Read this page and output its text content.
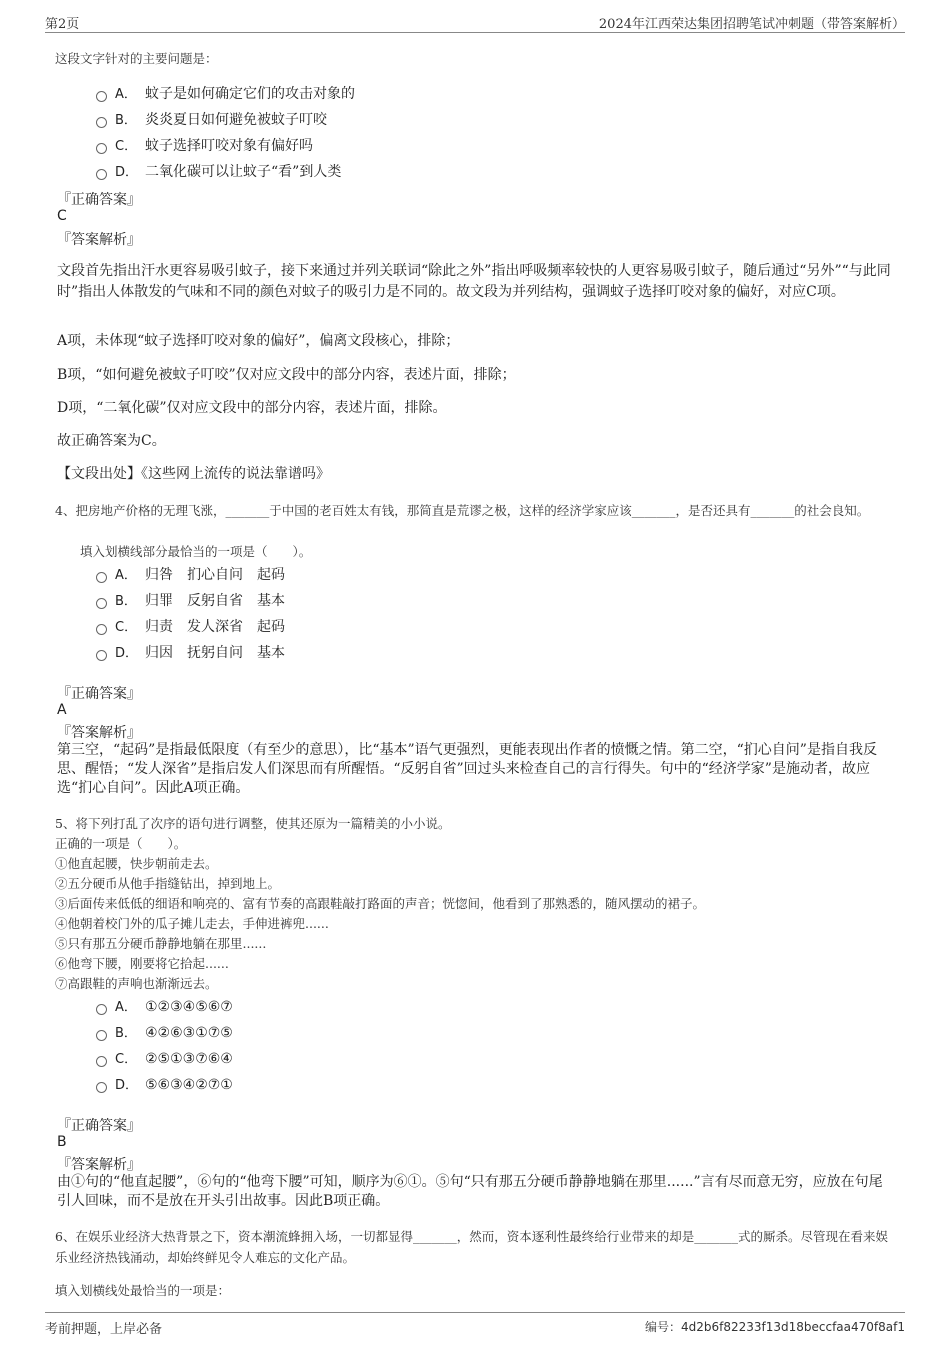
第2页	2024年江西荣达集团招聘笔试冲刺题（带答案解析）
这段文字针对的主要问题是：
A． 蚊子是如何确定它们的攻击对象的
B． 炎炎夏日如何避免被蚊子叮咬
C． 蚊子选择叮咬对象有偏好吗
D． 二氧化碳可以让蚊子“看”到人类
『正确答案』
C
『答案解析』
文段首先指出汗水更容易吸引蚊子，接下来通过并列关联词“除此之外”指出呼吸频率较快的人更容易吸引蚊子，随后通过“另外”“与此同时”指出人体散发的气味和不同的颜色对蚊子的吸引力是不同的。故文段为并列结构，强调蚊子选择叮咬对象的偏好，对应C项。
A项，未体现“蚊子选择叮咬对象的偏好”，偏离文段核心，排除；
B项，“如何避免被蚊子叮咬”仅对应文段中的部分内容，表述片面，排除；
D项，“二氧化碳”仅对应文段中的部分内容，表述片面，排除。
故正确答案为C。
【文段出处】《这些网上流传的说法靠谱吗》
4、把房地产价格的无理飞涨，_______于中国的老百姓太有钱，那简直是荒谬之极，这样的经济学家应该_______，是否还具有_______的社会良知。
填入划横线部分最恰当的一项是（　　）。
A． 归咎　扪心自问　起码
B． 归罪　反躬自省　基本
C． 归责　发人深省　起码
D． 归因　抚躬自问　基本
『正确答案』
A
『答案解析』
第三空，“起码”是指最低限度（有至少的意思），比“基本”语气更强烈，更能表现出作者的愤慨之情。第二空，“扪心自问”是指自我反思、醒悟；“发人深省”是指启发人们深思而有所醒悟。“反躬自省”回过头来检查自己的言行得失。句中的“经济学家”是施动者，故应选“扪心自问”。因此A项正确。
5、将下列打乱了次序的语句进行调整，使其还原为一篇精美的小小说。
正确的一项是（　　）。
①他直起腰，快步朝前走去。
②五分硬币从他手指缝钻出，掉到地上。
③后面传来低低的细语和响亮的、富有节奏的高跟鞋敲打路面的声音；恍惚间，他看到了那熟悉的，随风摆动的裙子。
④他朝着校门外的瓜子摊儿走去，手伸进裤兜......
⑤只有那五分硬币静静地躺在那里......
⑥他弯下腰，刚要将它拾起......
⑦高跟鞋的声响也渐渐远去。
A． ①②③④⑤⑥⑦
B． ④②⑥③①⑦⑤
C． ②⑤①③⑦⑥④
D． ⑤⑥③④②⑦①
『正确答案』
B
『答案解析』
由①句的“他直起腰”，⑥句的“他弯下腰”可知，顺序为⑥①。⑤句“只有那五分硬币静静地躺在那里......”言有尽而意无穷，应放在句尾引人回味，而不是放在开头引出故事。因此B项正确。
6、在娱乐业经济大热背景之下，资本潮流蜂拥入场，一切都显得_______，然而，资本逐利性最终给行业带来的却是_______式的厮杀。尽管现在看来娱乐业经济热钱涌动，却始终鲜见令人难忘的文化产品。
填入划横线处最恰当的一项是：
考前押题，上岸必备	编号：4d2b6f82233f13d18beccfaa470f8af1
